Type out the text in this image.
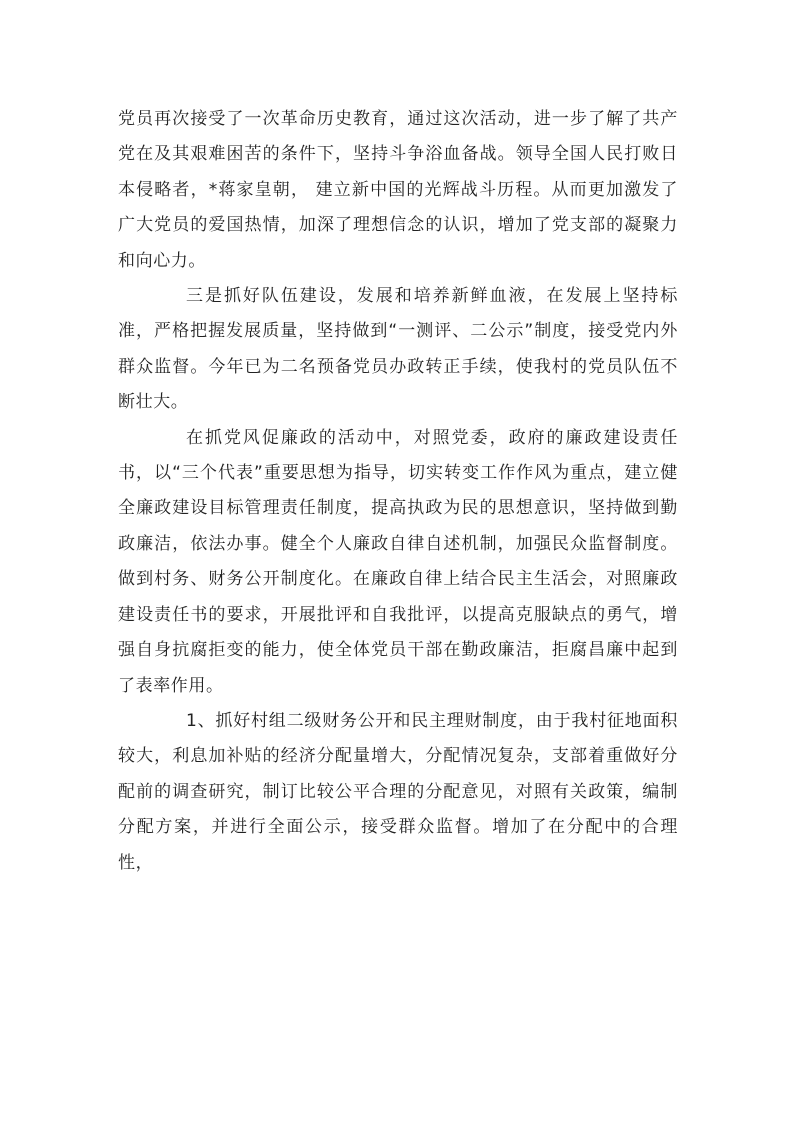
党员再次接受了一次革命历史教育，通过这次活动，进一步了解了共产党在及其艰难困苦的条件下，坚持斗争浴血备战。领导全国人民打败日本侵略者，*蒋家皇朝， 建立新中国的光辉战斗历程。从而更加激发了广大党员的爱国热情，加深了理想信念的认识，增加了党支部的凝聚力和向心力。

三是抓好队伍建设，发展和培养新鲜血液，在发展上坚持标准，严格把握发展质量，坚持做到“一测评、二公示”制度，接受党内外群众监督。今年已为二名预备党员办政转正手续，使我村的党员队伍不断壮大。

在抓党风促廉政的活动中，对照党委，政府的廉政建设责任书，以“三个代表”重要思想为指导，切实转变工作作风为重点，建立健全廉政建设目标管理责任制度，提高执政为民的思想意识，坚持做到勤政廉洁，依法办事。健全个人廉政自律自述机制，加强民众监督制度。做到村务、财务公开制度化。在廉政自律上结合民主生活会，对照廉政建设责任书的要求，开展批评和自我批评，以提高克服缺点的勇气，增强自身抗腐拒变的能力，使全体党员干部在勤政廉洁，拒腐昌廉中起到了表率作用。

1、抓好村组二级财务公开和民主理财制度，由于我村征地面积较大，利息加补贴的经济分配量增大，分配情况复杂，支部着重做好分配前的调查研究，制订比较公平合理的分配意见，对照有关政策，编制分配方案，并进行全面公示，接受群众监督。增加了在分配中的合理性，
